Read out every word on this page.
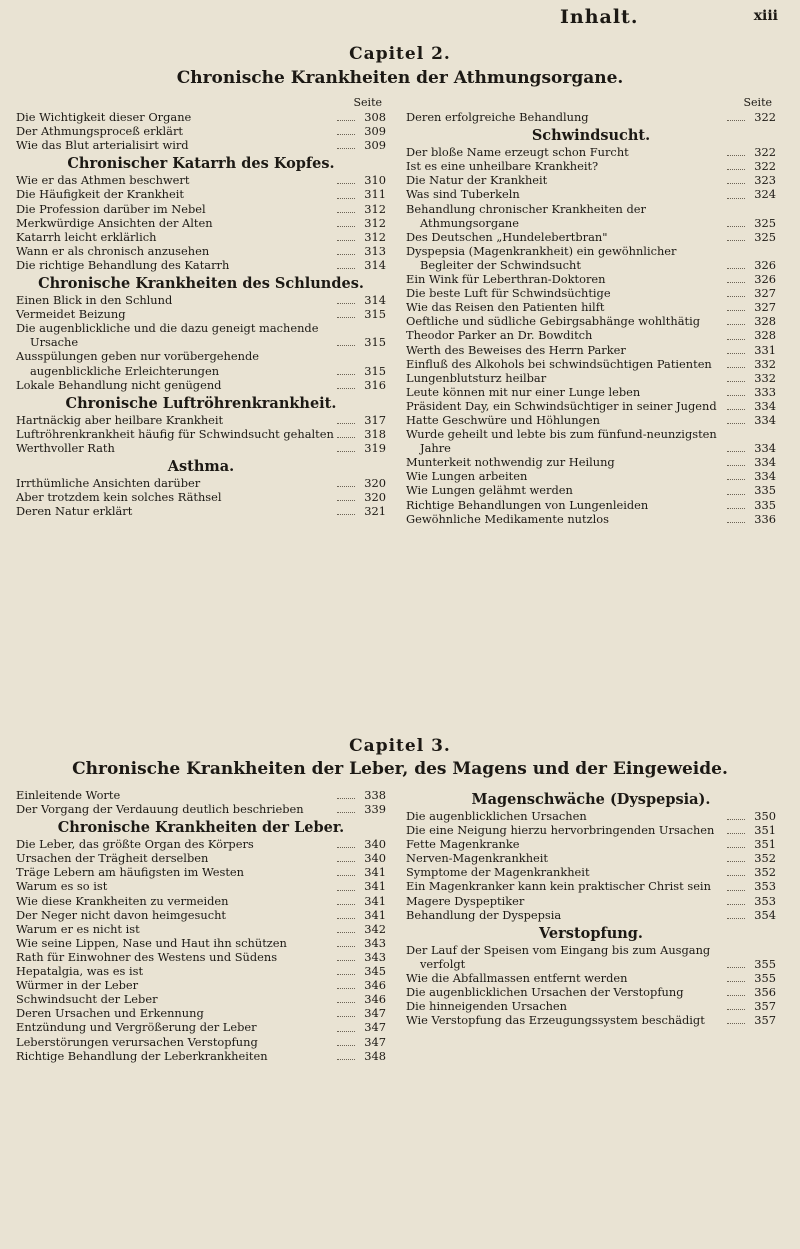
Inhalt.	xiii
Capitel 2.
Chronische Krankheiten der Athmungsorgane.
Seite
Die Wichtigkeit dieser Organe	308
Der Athmungsproceß erklärt	309
Wie das Blut arterialisirt wird	309
Chronischer Katarrh des Kopfes.
Wie er das Athmen beschwert	310
Die Häufigkeit der Krankheit	311
Die Profession darüber im Nebel	312
Merkwürdige Ansichten der Alten	312
Katarrh leicht erklärlich	312
Wann er als chronisch anzusehen	313
Die richtige Behandlung des Katarrh	314
Chronische Krankheiten des Schlundes.
Einen Blick in den Schlund	314
Vermeidet Beizung	315
Die augenblickliche und die dazu geneigt machende Ursache	315
Ausspülungen geben nur vorübergehende augenblickliche Erleichterungen	315
Lokale Behandlung nicht genügend	316
Chronische Luftröhrenkrankheit.
Hartnäckig aber heilbare Krankheit	317
Luftröhrenkrankheit häufig für Schwindsucht gehalten	318
Werthvoller Rath	319
Asthma.
Irrthümliche Ansichten darüber	320
Aber trotzdem kein solches Räthsel	320
Deren Natur erklärt	321
Seite
Deren erfolgreiche Behandlung	322
Schwindsucht.
Der bloße Name erzeugt schon Furcht	322
Ist es eine unheilbare Krankheit?	322
Die Natur der Krankheit	323
Was sind Tuberkeln	324
Behandlung chronischer Krankheiten der Athmungsorgane	325
Des Deutschen „Hundelebertbran"	325
Dyspepsia (Magenkrankheit) ein gewöhnlicher Begleiter der Schwindsucht	326
Ein Wink für Leberthran-Doktoren	326
Die beste Luft für Schwindsüchtige	327
Wie das Reisen den Patienten hilft	327
Oeftliche und südliche Gebirgsabhänge wohlthätig	328
Theodor Parker an Dr. Bowditch	328
Werth des Beweises des Herrn Parker	331
Einfluß des Alkohols bei schwindsüchtigen Patienten	332
Lungenblutsturz heilbar	332
Leute können mit nur einer Lunge leben	333
Präsident Day, ein Schwindsüchtiger in seiner Jugend	334
Hatte Geschwüre und Höhlungen	334
Wurde geheilt und lebte bis zum fünfund-neunzigsten Jahre	334
Munterkeit nothwendig zur Heilung	334
Wie Lungen arbeiten	334
Wie Lungen gelähmt werden	335
Richtige Behandlungen von Lungenleiden	335
Gewöhnliche Medikamente nutzlos	336
Capitel 3.
Chronische Krankheiten der Leber, des Magens und der Eingeweide.
Einleitende Worte	338
Der Vorgang der Verdauung deutlich beschrieben	339
Chronische Krankheiten der Leber.
Die Leber, das größte Organ des Körpers	340
Ursachen der Trägheit derselben	340
Träge Lebern am häufigsten im Westen	341
Warum es so ist	341
Wie diese Krankheiten zu vermeiden	341
Der Neger nicht davon heimgesucht	341
Warum er es nicht ist	342
Wie seine Lippen, Nase und Haut ihn schützen	343
Rath für Einwohner des Westens und Südens	343
Hepatalgia, was es ist	345
Würmer in der Leber	346
Schwindsucht der Leber	346
Deren Ursachen und Erkennung	347
Entzündung und Vergrößerung der Leber	347
Leberstörungen verursachen Verstopfung	347
Richtige Behandlung der Leberkrankheiten	348
Magenschwäche (Dyspepsia).
Die augenblicklichen Ursachen	350
Die eine Neigung hierzu hervorbringenden Ursachen	351
Fette Magenkranke	351
Nerven-Magenkrankheit	352
Symptome der Magenkrankheit	352
Ein Magenkranker kann kein praktischer Christ sein	353
Magere Dyspeptiker	353
Behandlung der Dyspepsia	354
Verstopfung.
Der Lauf der Speisen vom Eingang bis zum Ausgang verfolgt	355
Wie die Abfallmassen entfernt werden	355
Die augenblicklichen Ursachen der Verstopfung	356
Die hinneigenden Ursachen	357
Wie Verstopfung das Erzeugungssystem beschädigt	357
